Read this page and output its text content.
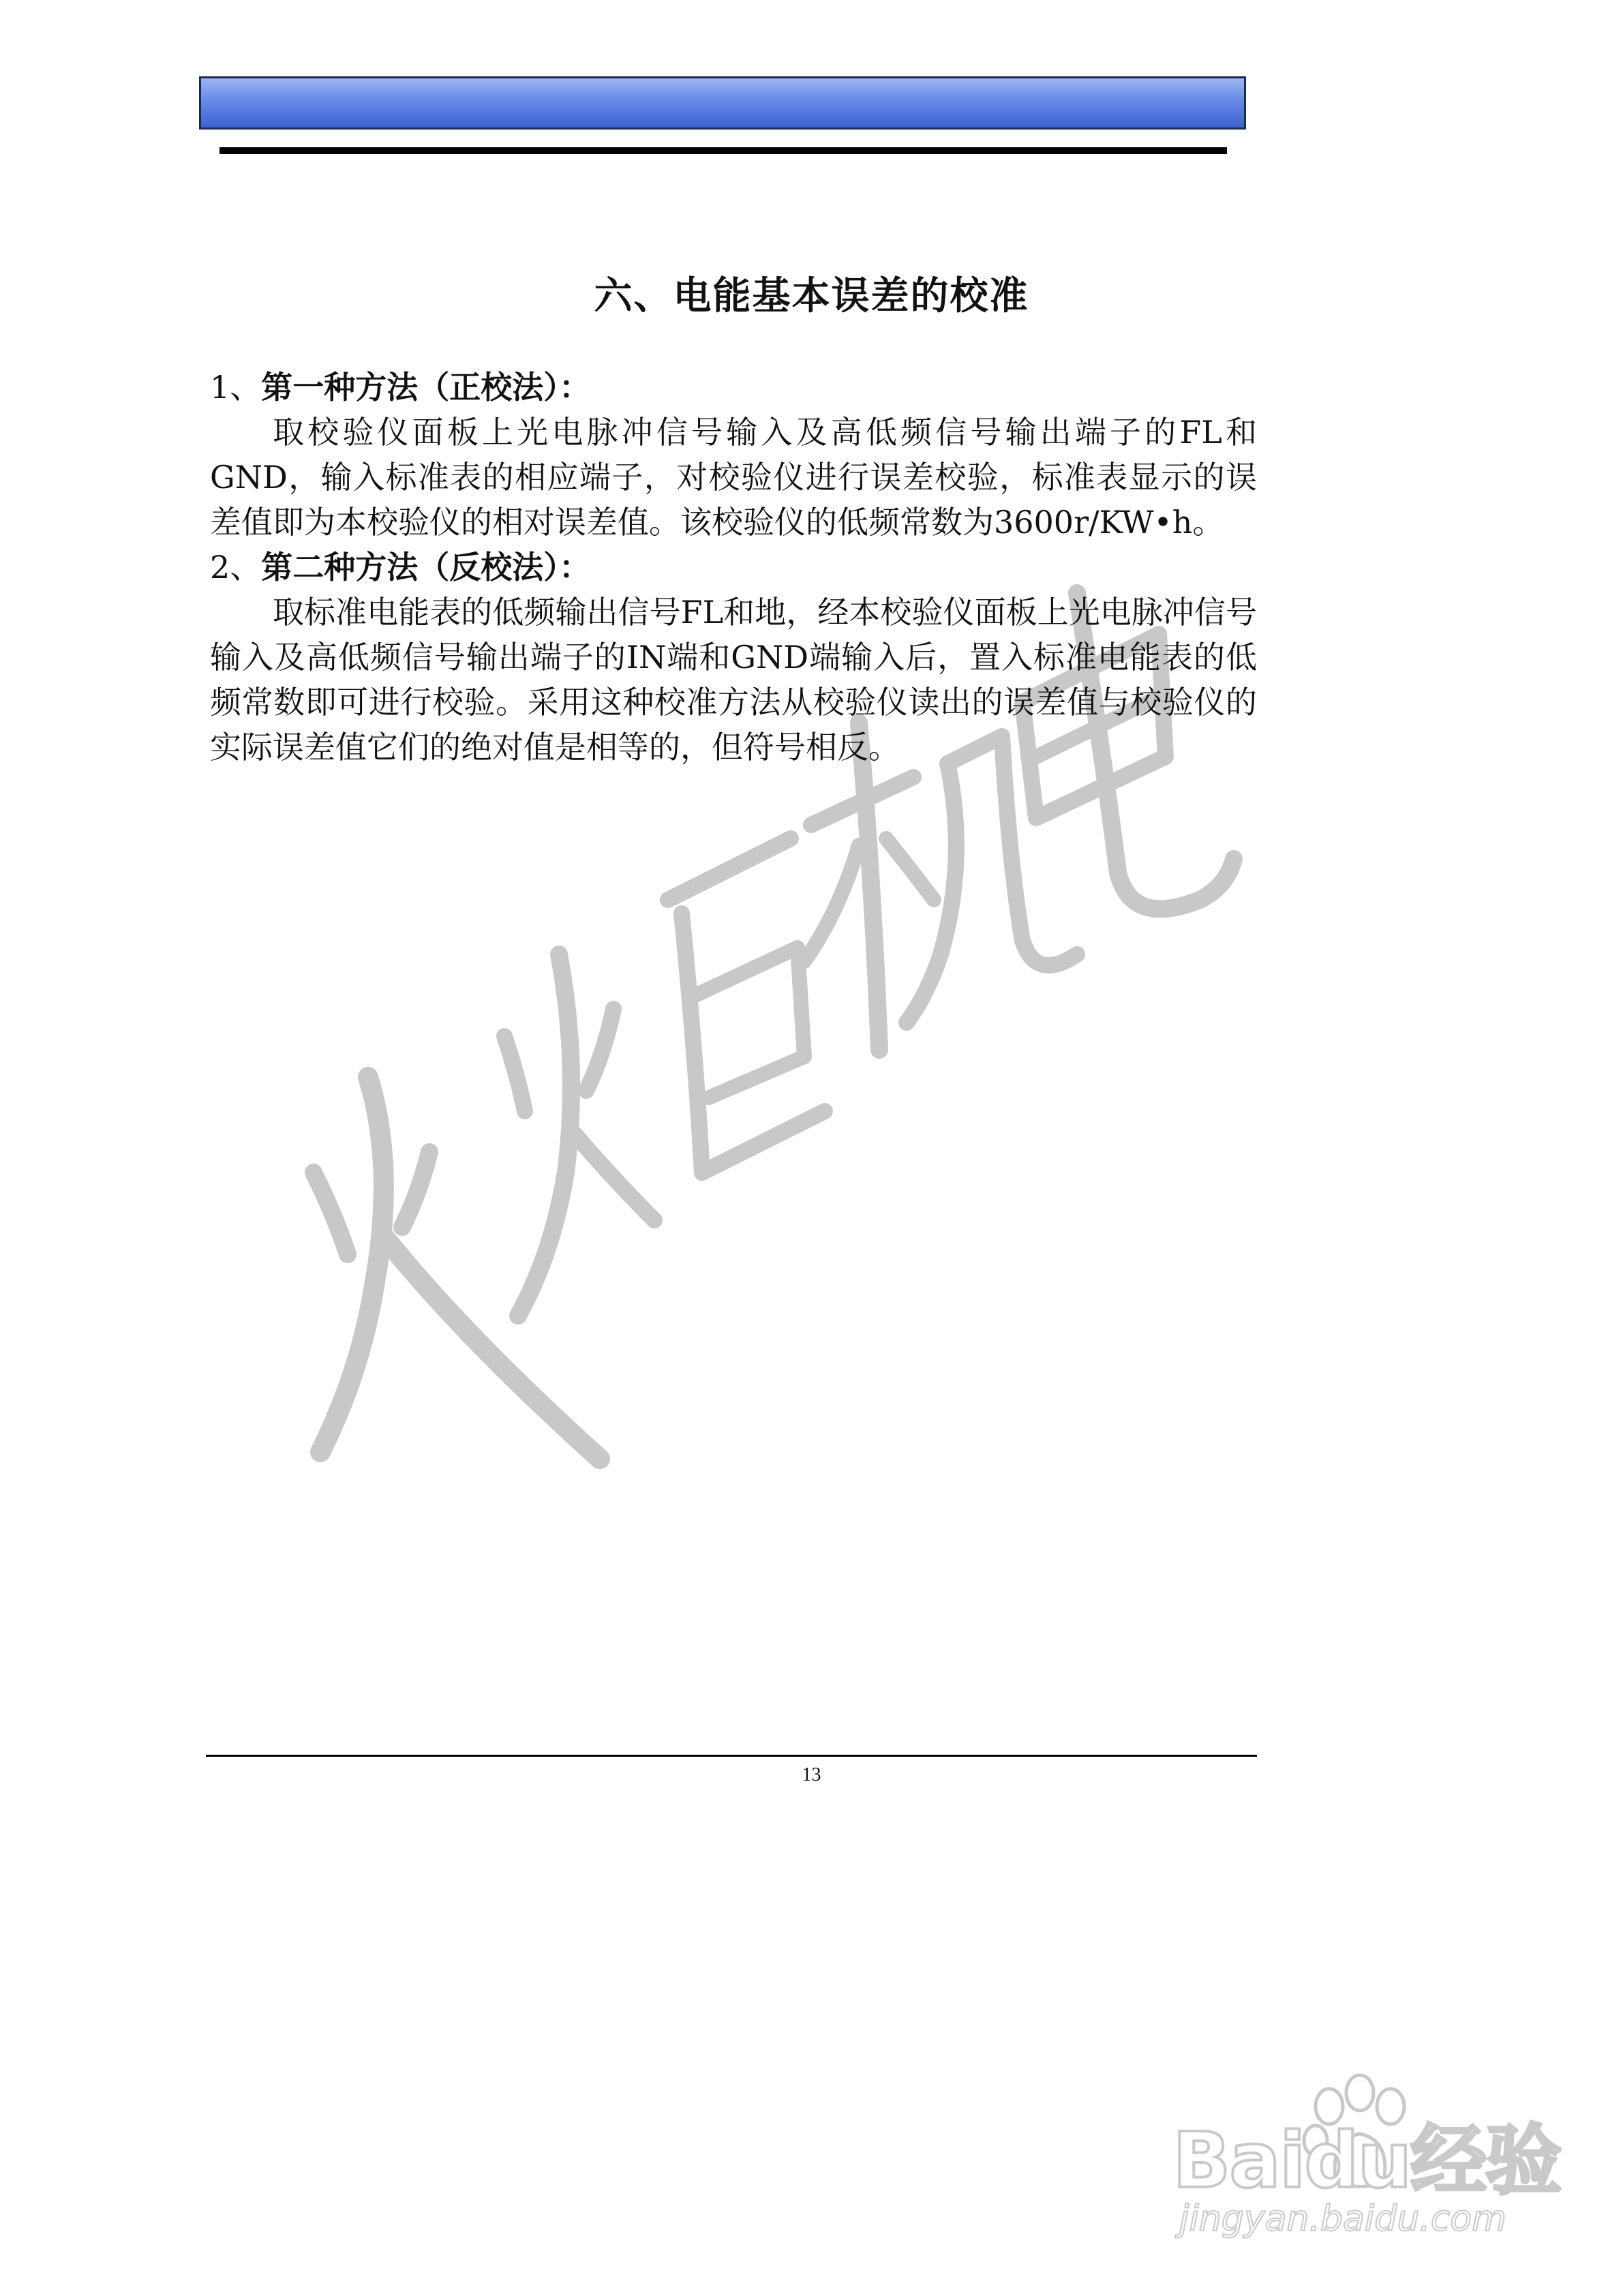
六、电能基本误差的校准

1、第一种方法（正校法）：

取校验仪面板上光电脉冲信号输入及高低频信号输出端子的FL和GND，输入标准表的相应端子，对校验仪进行误差校验，标准表显示的误差值即为本校验仪的相对误差值。该校验仪的低频常数为3600r/KW•h。

2、第二种方法（反校法）：

取标准电能表的低频输出信号FL和地，经本校验仪面板上光电脉冲信号输入及高低频信号输出端子的IN端和GND端输入后，置入标准电能表的低频常数即可进行校验。采用这种校准方法从校验仪读出的误差值与校验仪的实际误差值它们的绝对值是相等的，但符号相反。

13
Baidu经验
jingyan.baidu.com
